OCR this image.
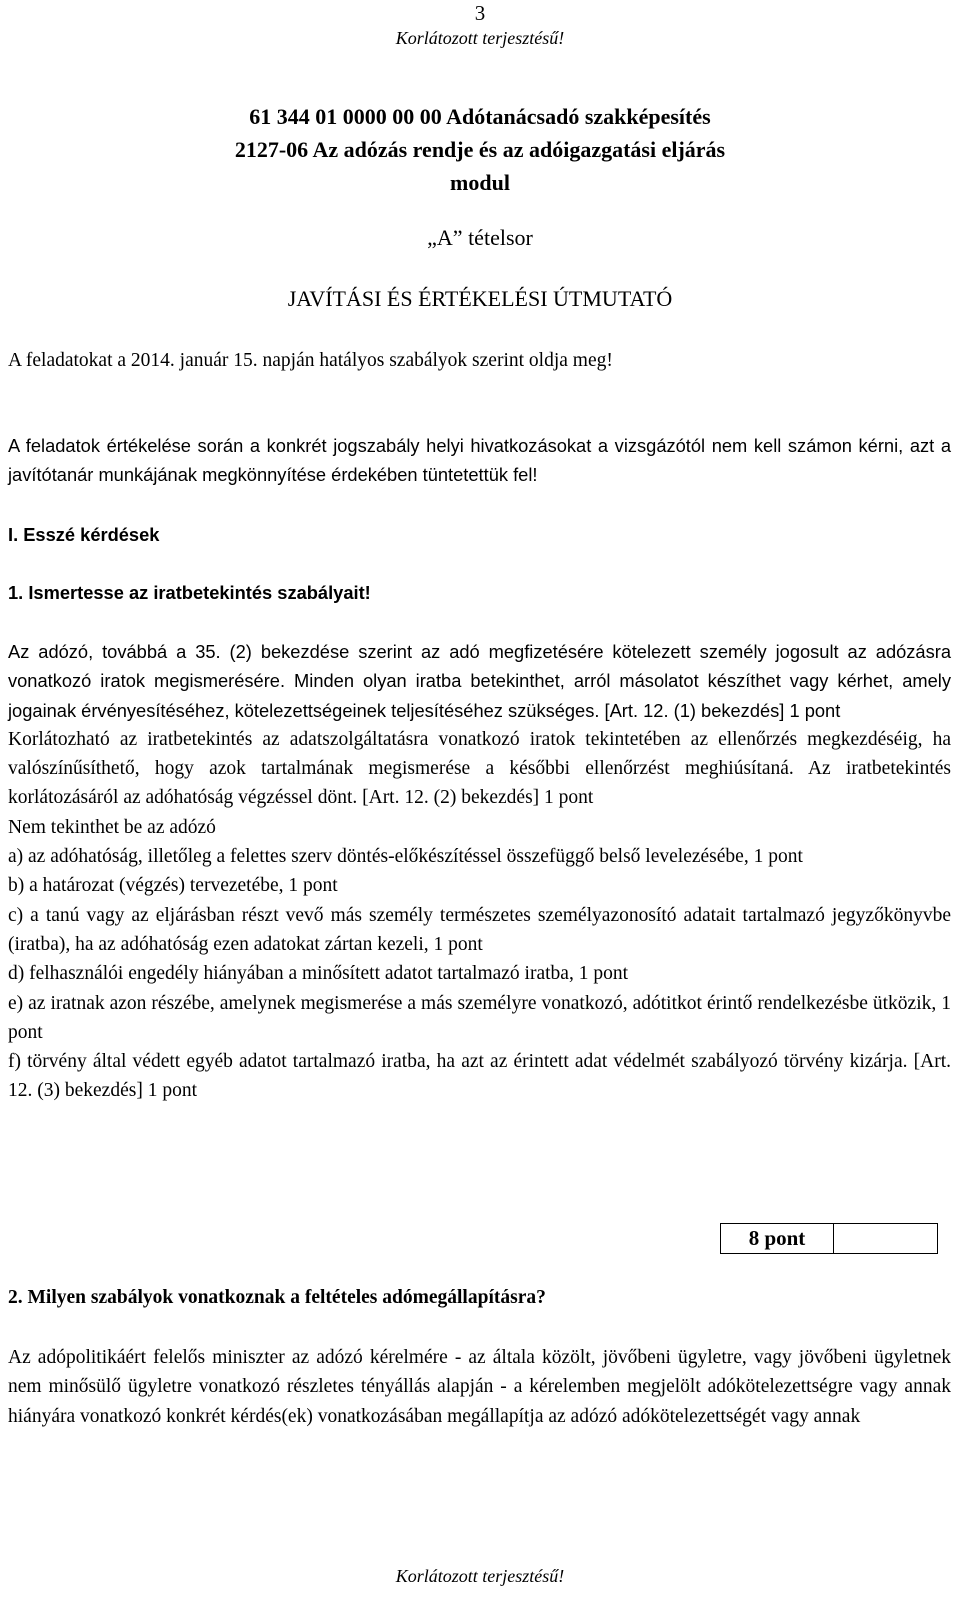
3
Korlátozott terjesztésű!
61 344 01 0000 00 00 Adótanácsadó szakképesítés
2127-06 Az adózás rendje és az adóigazgatási eljárás
modul
„A” tételsor
JAVÍTÁSI ÉS ÉRTÉKELÉSI ÚTMUTATÓ
A feladatokat a 2014. január 15. napján hatályos szabályok szerint oldja meg!
A feladatok értékelése során a konkrét jogszabály helyi hivatkozásokat a vizsgázótól nem kell számon kérni, azt a javítótanár munkájának megkönnyítése érdekében tüntetettük fel!
I. Esszé kérdések
1. Ismertesse az iratbetekintés szabályait!

Az adózó, továbbá a 35. (2) bekezdése szerint az adó megfizetésére kötelezett személy jogosult az adózásra vonatkozó iratok megismerésére. Minden olyan iratba betekinthet, arról másolatot készíthet vagy kérhet, amely jogainak érvényesítéséhez, kötelezettségeinek teljesítéséhez szükséges. [Art. 12. (1) bekezdés] 1 pont

Korlátozható az iratbetekintés az adatszolgáltatásra vonatkozó iratok tekintetében az ellenőrzés megkezdéséig, ha valószínűsíthető, hogy azok tartalmának megismerése a későbbi ellenőrzést meghiúsítaná. Az iratbetekintés korlátozásáról az adóhatóság végzéssel dönt. [Art. 12. (2) bekezdés] 1 pont

Nem tekinthet be az adózó

a) az adóhatóság, illetőleg a felettes szerv döntés-előkészítéssel összefüggő belső levelezésébe, 1 pont

b) a határozat (végzés) tervezetébe, 1 pont

c) a tanú vagy az eljárásban részt vevő más személy természetes személyazonosító adatait tartalmazó jegyzőkönyvbe (iratba), ha az adóhatóság ezen adatokat zártan kezeli, 1 pont

d) felhasználói engedély hiányában a minősített adatot tartalmazó iratba, 1 pont

e) az iratnak azon részébe, amelynek megismerése a más személyre vonatkozó, adótitkot érintő rendelkezésbe ütközik, 1 pont

f) törvény által védett egyéb adatot tartalmazó iratba, ha azt az érintett adat védelmét szabályozó törvény kizárja. [Art. 12. (3) bekezdés] 1 pont

8 pont
2. Milyen szabályok vonatkoznak a feltételes adómegállapításra?
Az adópolitikáért felelős miniszter az adózó kérelmére - az általa közölt, jövőbeni ügyletre, vagy jövőbeni ügyletnek nem minősülő ügyletre vonatkozó részletes tényállás alapján - a kérelemben megjelölt adókötelezettségre vagy annak hiányára vonatkozó konkrét kérdés(ek) vonatkozásában megállapítja az adózó adókötelezettségét vagy annak
Korlátozott terjesztésű!
